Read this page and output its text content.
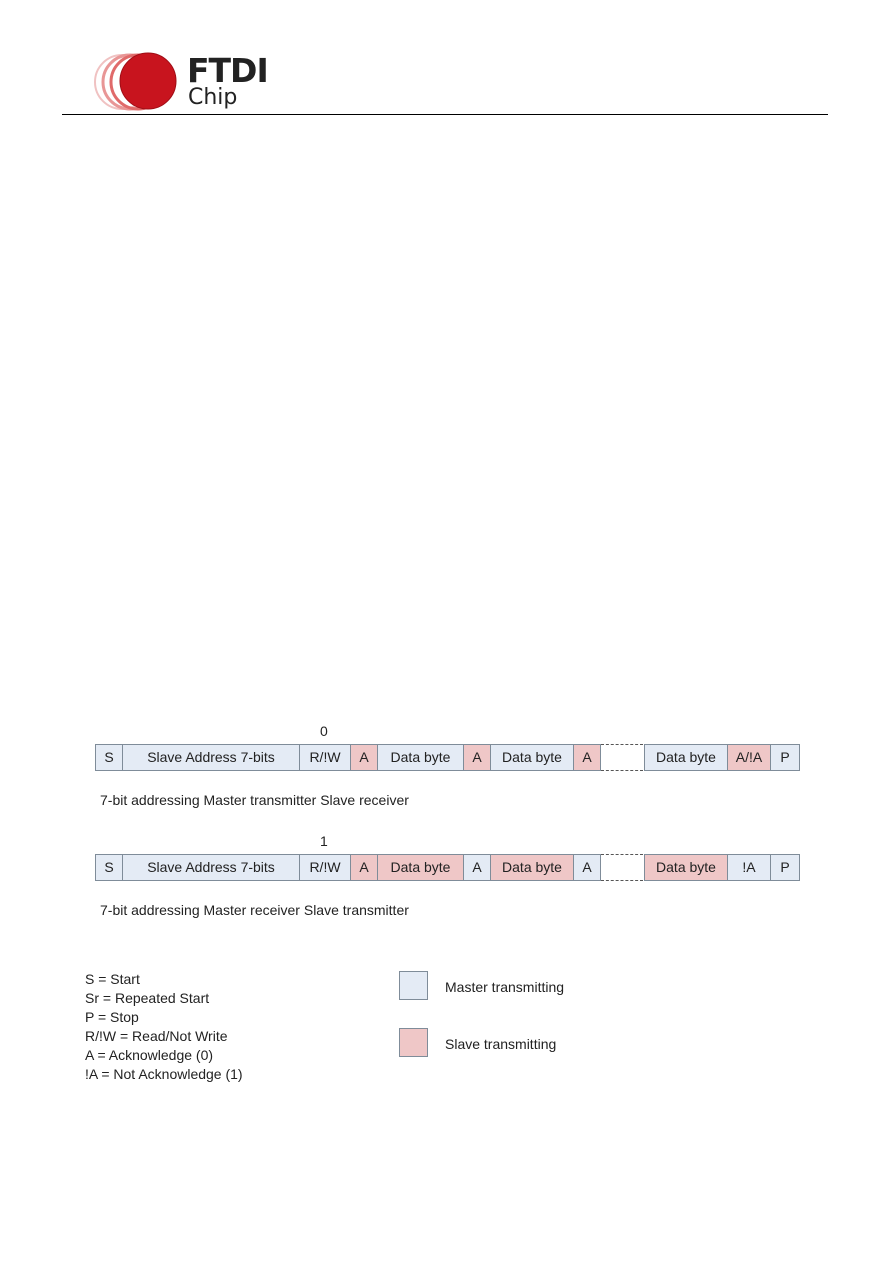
FTDI
Chip
0
S	Slave Address 7-bits	R/!W	A	Data byte	A	Data byte	A	Data byte	A/!A	P
7-bit addressing Master transmitter Slave receiver
1
S	Slave Address 7-bits	R/!W	A	Data byte	A	Data byte	A	Data byte	!A	P
7-bit addressing Master receiver Slave transmitter
S = Start
Sr = Repeated Start
P = Stop
R/!W = Read/Not Write
A = Acknowledge (0)
!A = Not Acknowledge (1)
Master transmitting
Slave transmitting
